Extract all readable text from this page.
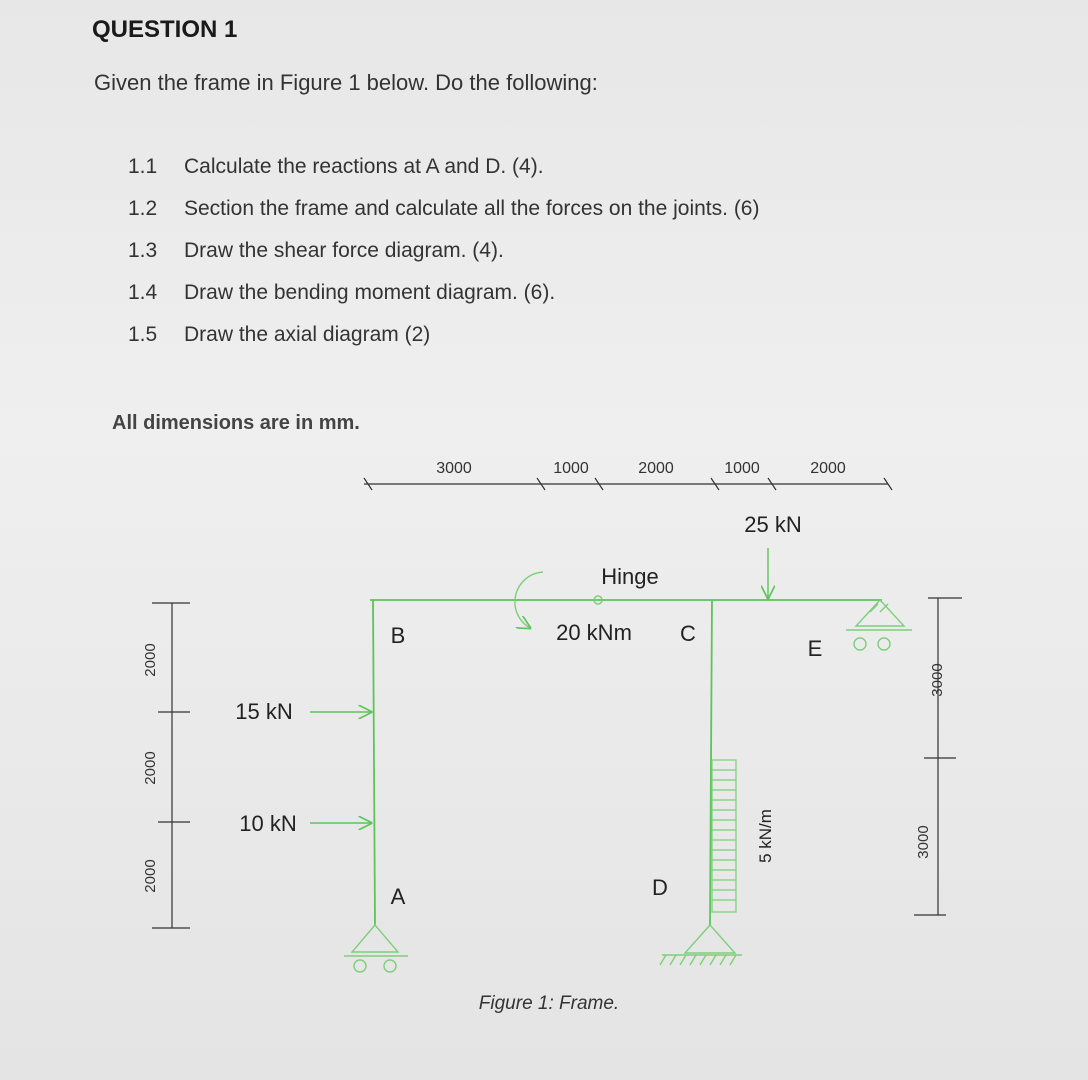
QUESTION 1
Given the frame in Figure 1 below. Do the following:
1.1 Calculate the reactions at A and D. (4).
1.2 Section the frame and calculate all the forces on the joints. (6)
1.3 Draw the shear force diagram. (4).
1.4 Draw the bending moment diagram. (6).
1.5 Draw the axial diagram (2)
All dimensions are in mm.
3000	1000	2000	1000	2000
2000
2000
2000
3000
3000
5 kN/m
25 kN
20 kNm
Hinge
15 kN
10 kN
B	C
E
A	D
Figure 1: Frame.
